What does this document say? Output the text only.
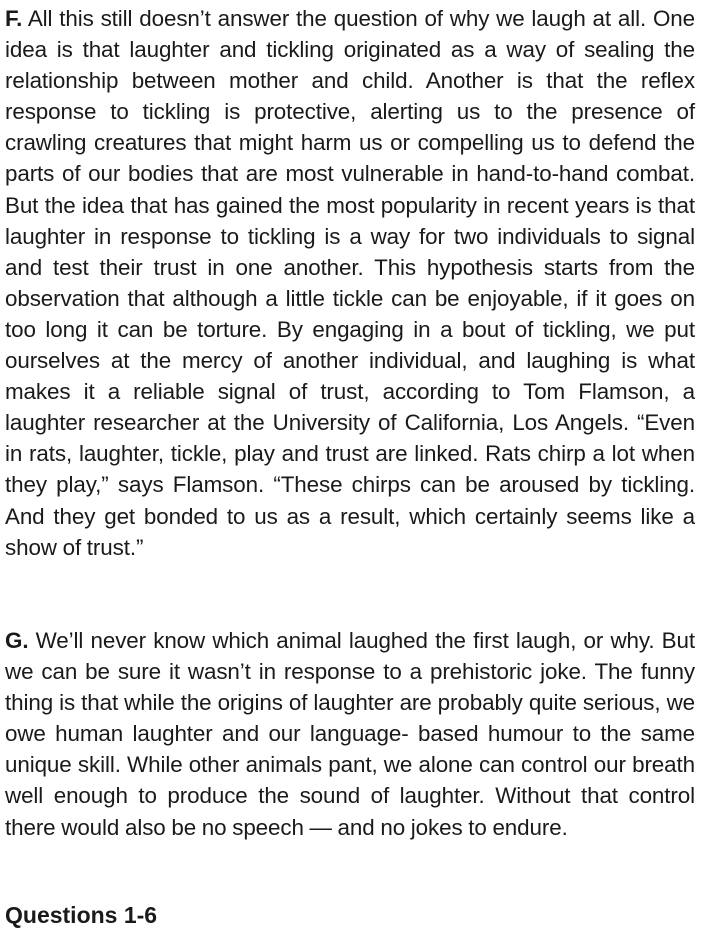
F. All this still doesn’t answer the question of why we laugh at all. One idea is that laughter and tickling originated as a way of sealing the relationship between mother and child. Another is that the reflex response to tickling is protective, alerting us to the presence of crawling creatures that might harm us or compelling us to defend the parts of our bodies that are most vulnerable in hand-to-hand combat. But the idea that has gained the most popularity in recent years is that laughter in response to tickling is a way for two individuals to signal and test their trust in one another. This hypothesis starts from the observation that although a little tickle can be enjoyable, if it goes on too long it can be torture. By engaging in a bout of tickling, we put ourselves at the mercy of another individual, and laughing is what makes it a reliable signal of trust, according to Tom Flamson, a laughter researcher at the University of California, Los Angels. “Even in rats, laughter, tickle, play and trust are linked. Rats chirp a lot when they play,” says Flamson. “These chirps can be aroused by tickling. And they get bonded to us as a result, which certainly seems like a show of trust.”

G. We’ll never know which animal laughed the first laugh, or why. But we can be sure it wasn’t in response to a prehistoric joke. The funny thing is that while the origins of laughter are probably quite serious, we owe human laughter and our language- based humour to the same unique skill. While other animals pant, we alone can control our breath well enough to produce the sound of laughter. Without that control there would also be no speech — and no jokes to endure.

Questions 1-6
